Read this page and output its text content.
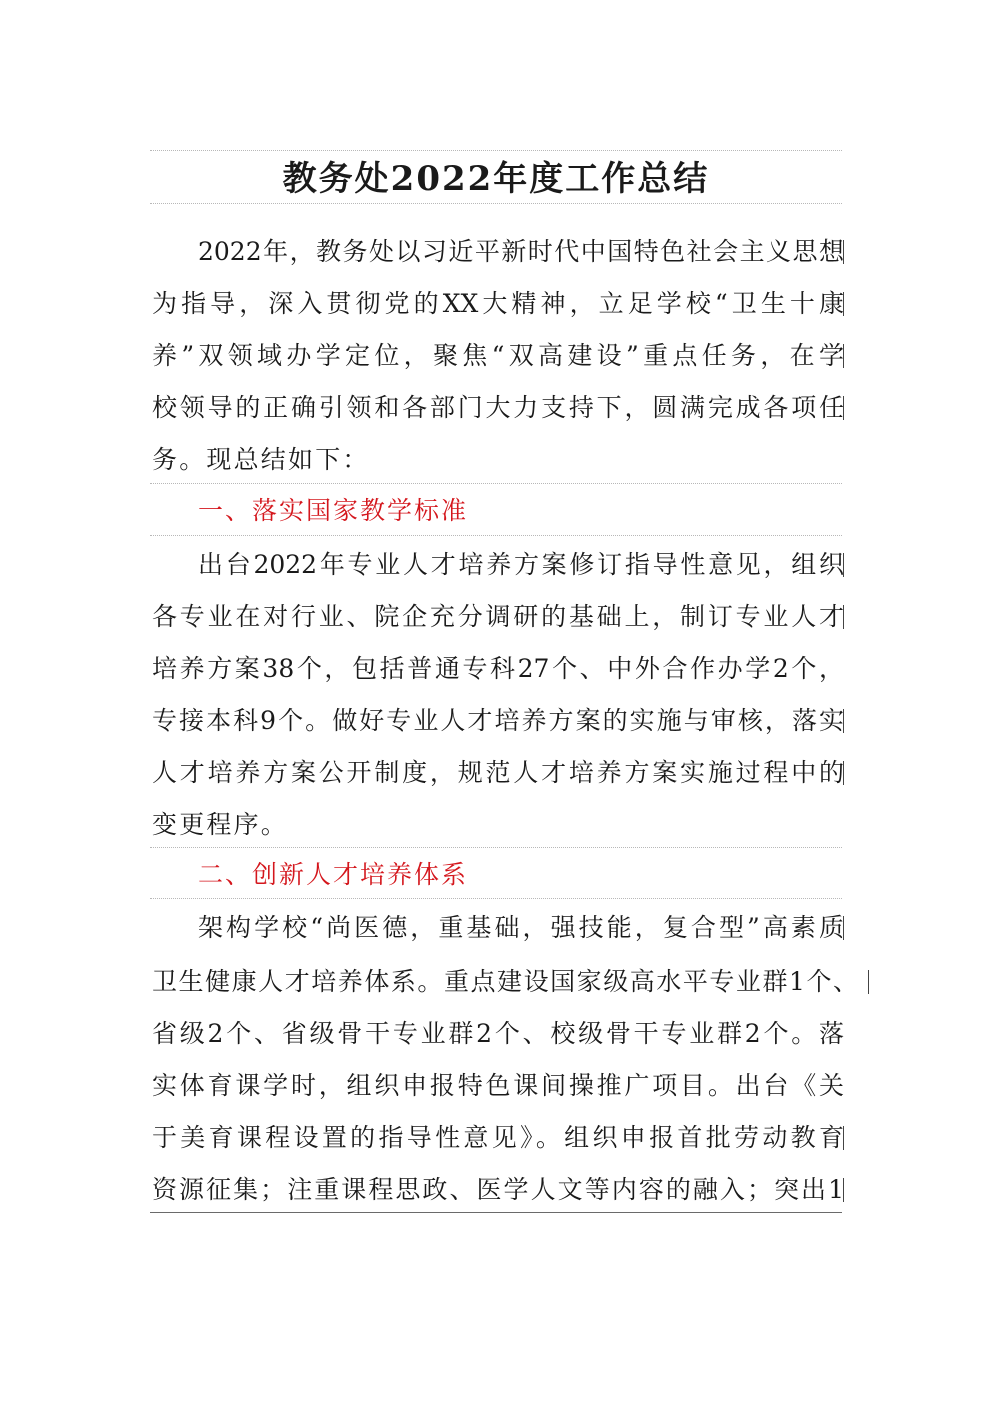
教务处2022年度工作总结
2022年，教务处以习近平新时代中国特色社会主义思想
为指导，深入贯彻党的XX大精神，立足学校“卫生十康
养”双领域办学定位，聚焦“双高建设”重点任务，在学
校领导的正确引领和各部门大力支持下，圆满完成各项任
务。现总结如下：
一、落实国家教学标准
出台2022年专业人才培养方案修订指导性意见，组织
各专业在对行业、院企充分调研的基础上，制订专业人才
培养方案38个，包括普通专科27个、中外合作办学2个，
专接本科9个。做好专业人才培养方案的实施与审核，落实
人才培养方案公开制度，规范人才培养方案实施过程中的
变更程序。
二、创新人才培养体系
架构学校“尚医德，重基础，强技能，复合型”高素质
卫生健康人才培养体系。重点建设国家级高水平专业群1个、
省级2个、省级骨干专业群2个、校级骨干专业群2个。落
实体育课学时，组织申报特色课间操推广项目。出台《关
于美育课程设置的指导性意见》。组织申报首批劳动教育
资源征集；注重课程思政、医学人文等内容的融入；突出1
